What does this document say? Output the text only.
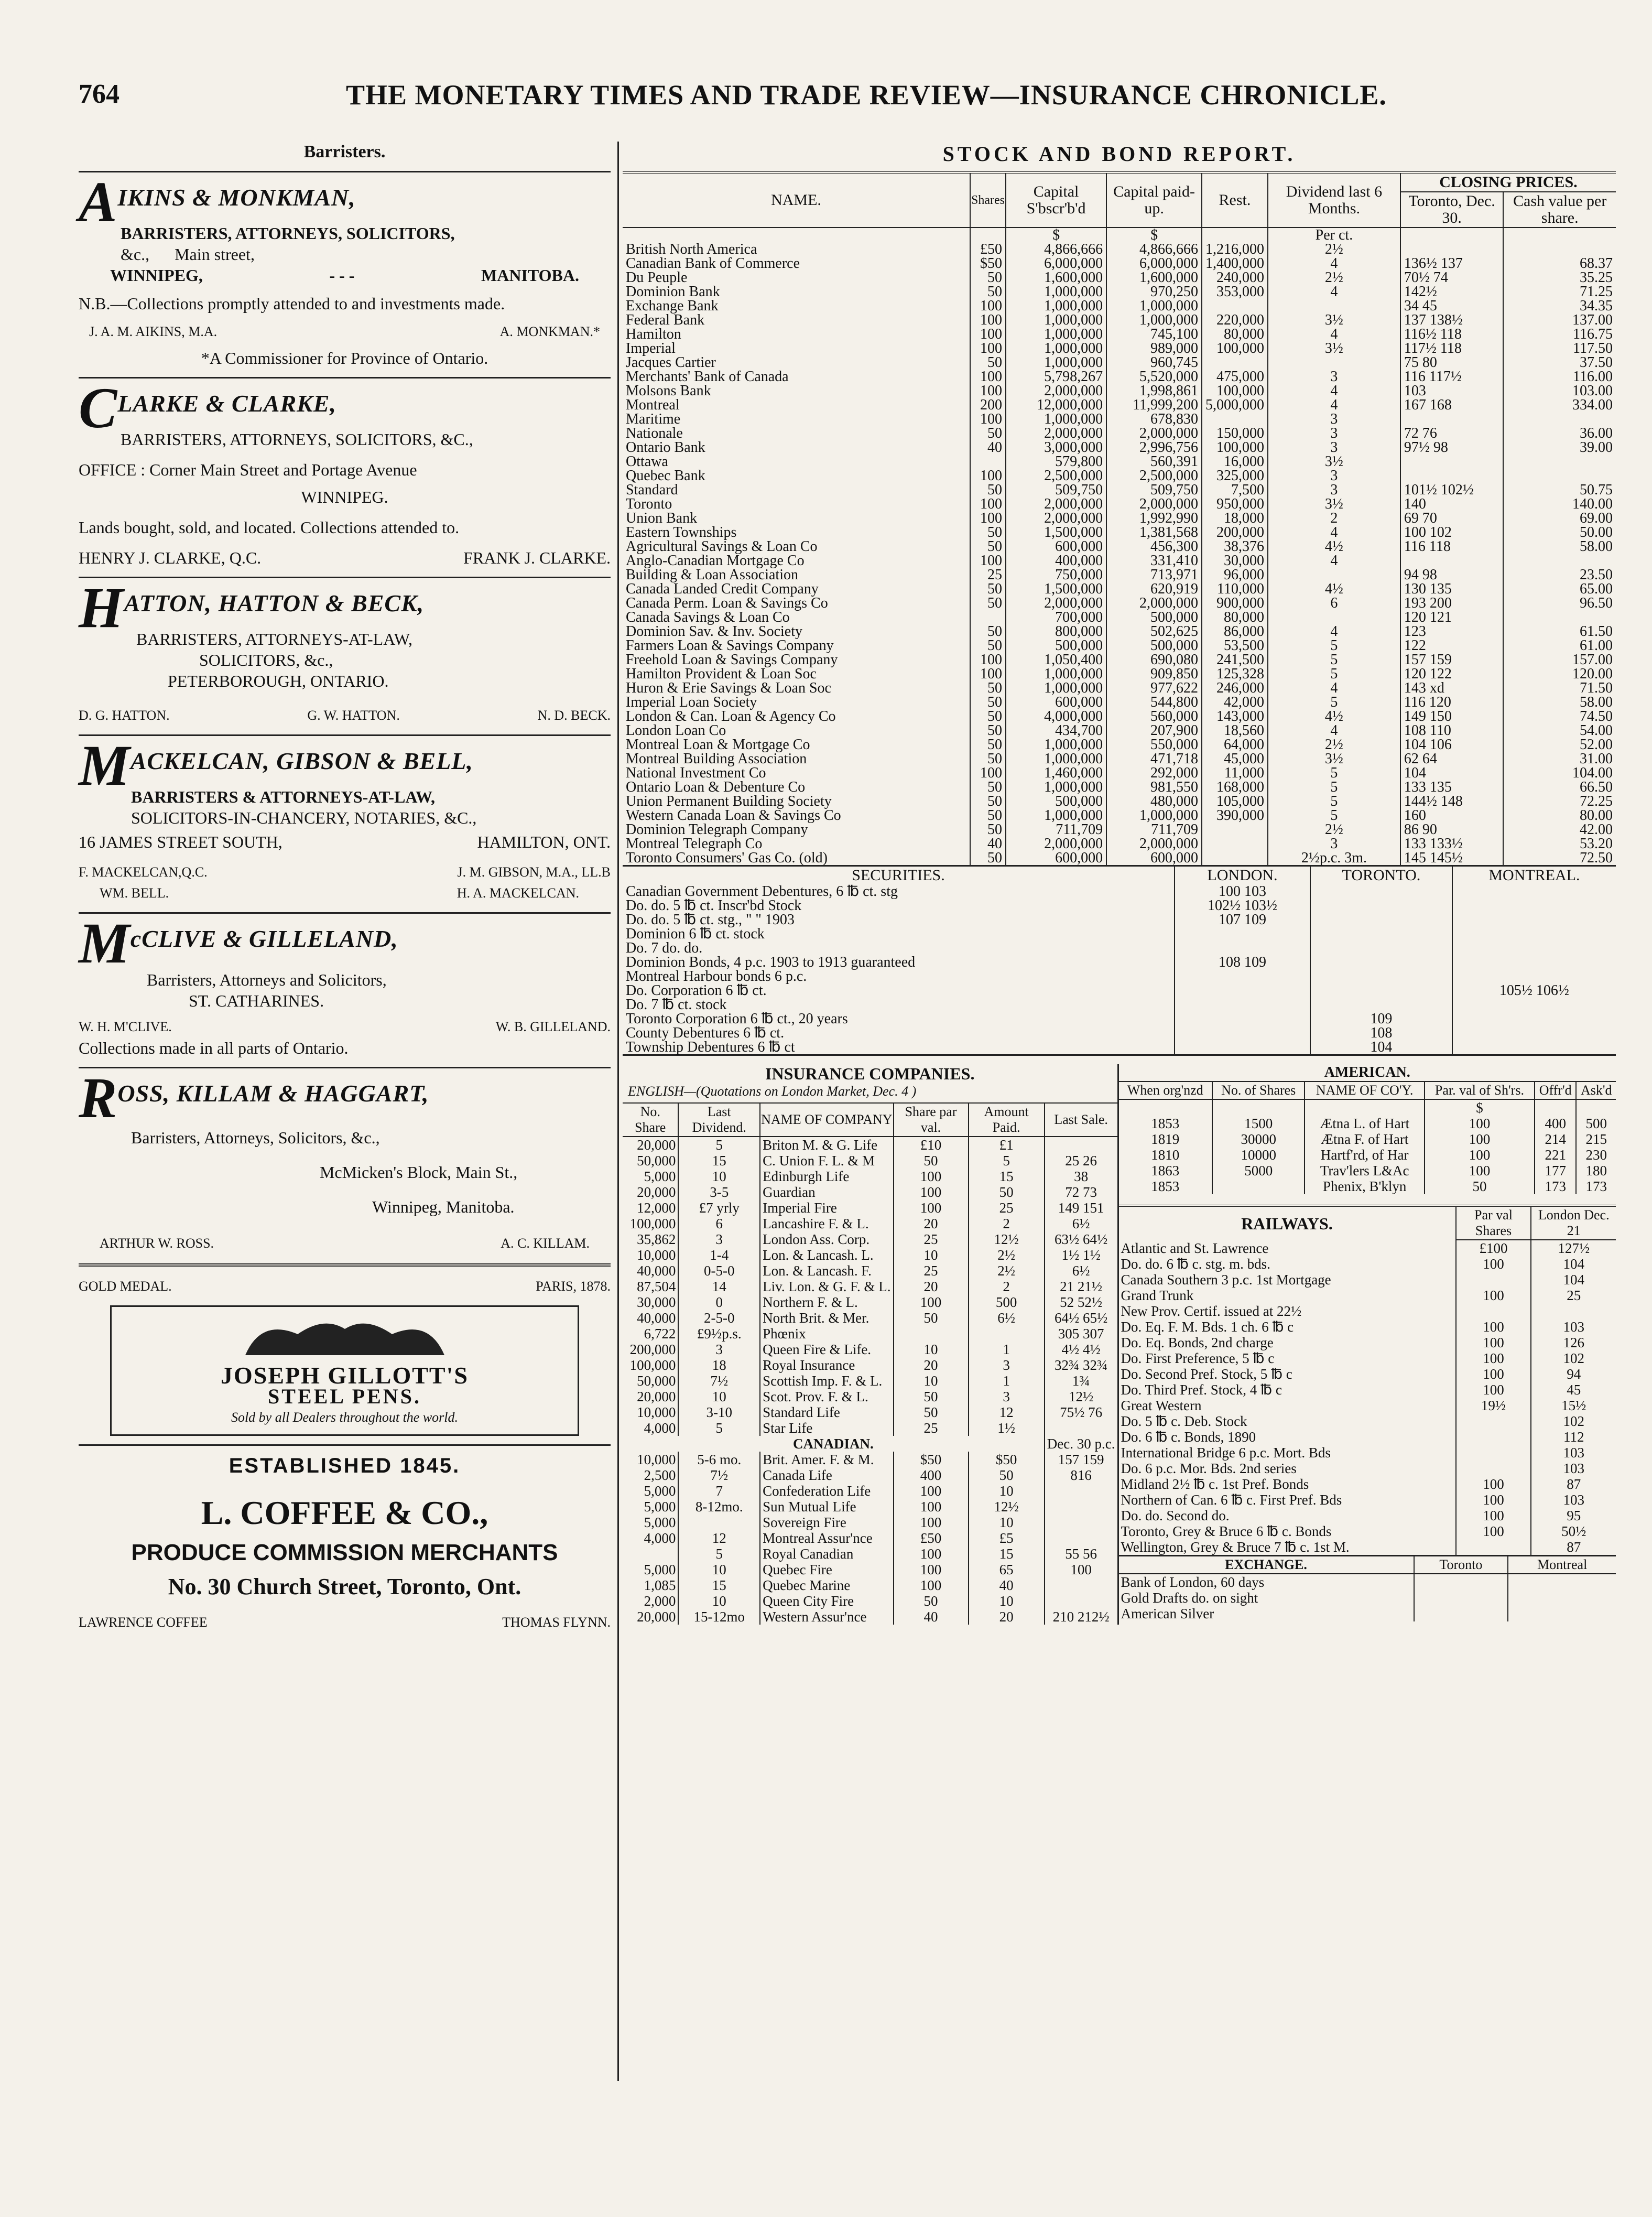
764	THE MONETARY TIMES AND TRADE REVIEW—INSURANCE CHRONICLE.
Barristers.
AIKINS & MONKMAN,
BARRISTERS, ATTORNEYS, SOLICITORS,
&c., Main street,
WINNIPEG,	- - -	MANITOBA.
N.B.—Collections promptly attended to and investments made.
J. A. M. AIKINS, M.A.	A. MONKMAN.*
*A Commissioner for Province of Ontario.
CLARKE & CLARKE,
BARRISTERS, ATTORNEYS, SOLICITORS, &C.,
OFFICE : Corner Main Street and Portage Avenue
WINNIPEG.
Lands bought, sold, and located. Collections attended to.
HENRY J. CLARKE, Q.C.	FRANK J. CLARKE.
HATTON, HATTON & BECK,
BARRISTERS, ATTORNEYS-AT-LAW,
SOLICITORS, &c.,
PETERBOROUGH, ONTARIO.
D. G. HATTON.	G. W. HATTON.	N. D. BECK.
MACKELCAN, GIBSON & BELL,
BARRISTERS & ATTORNEYS-AT-LAW,
SOLICITORS-IN-CHANCERY, NOTARIES, &C.,
16 JAMES STREET SOUTH,	HAMILTON, ONT.
F. MACKELCAN,Q.C.	J. M. GIBSON, M.A., LL.B
WM. BELL.	H. A. MACKELCAN.
McCLIVE & GILLELAND,
Barristers, Attorneys and Solicitors,
ST. CATHARINES.
W. H. M'CLIVE.	W. B. GILLELAND.
Collections made in all parts of Ontario.
ROSS, KILLAM & HAGGART,
Barristers, Attorneys, Solicitors, &c.,
McMicken's Block, Main St.,
Winnipeg, Manitoba.
ARTHUR W. ROSS.	A. C. KILLAM.
GOLD MEDAL.	PARIS, 1878.
JOSEPH GILLOTT'S
STEEL PENS.
Sold by all Dealers throughout the world.
ESTABLISHED 1845.
L. COFFEE & CO.,
PRODUCE COMMISSION MERCHANTS
No. 30 Church Street, Toronto, Ont.
LAWRENCE COFFEE	THOMAS FLYNN.
STOCK AND BOND REPORT.
NAME.	Shares	Capital S'bscr'b'd	Capital paid-up.	Rest.	Dividend last 6 Months.	CLOSING PRICES.	
						Toronto, Dec. 30.	Cash value per share.
		$	$		Per ct.		
British North America	£50	4,866,666	4,866,666	1,216,000	2½		
Canadian Bank of Commerce	$50	6,000,000	6,000,000	1,400,000	4	136½ 137	68.37
Du Peuple	50	1,600,000	1,600,000	240,000	2½	70½ 74	35.25
Dominion Bank	50	1,000,000	970,250	353,000	4	142½	71.25
Exchange Bank	100	1,000,000	1,000,000			34 45	34.35
Federal Bank	100	1,000,000	1,000,000	220,000	3½	137 138½	137.00
Hamilton	100	1,000,000	745,100	80,000	4	116½ 118	116.75
Imperial	100	1,000,000	989,000	100,000	3½	117½ 118	117.50
Jacques Cartier	50	1,000,000	960,745			75 80	37.50
Merchants' Bank of Canada	100	5,798,267	5,520,000	475,000	3	116 117½	116.00
Molsons Bank	100	2,000,000	1,998,861	100,000	4	103	103.00
Montreal	200	12,000,000	11,999,200	5,000,000	4	167 168	334.00
Maritime	100	1,000,000	678,830		3		
Nationale	50	2,000,000	2,000,000	150,000	3	72 76	36.00
Ontario Bank	40	3,000,000	2,996,756	100,000	3	97½ 98	39.00
Ottawa		579,800	560,391	16,000	3½		
Quebec Bank	100	2,500,000	2,500,000	325,000	3		
Standard	50	509,750	509,750	7,500	3	101½ 102½	50.75
Toronto	100	2,000,000	2,000,000	950,000	3½	140	140.00
Union Bank	100	2,000,000	1,992,990	18,000	2	69 70	69.00
Eastern Townships	50	1,500,000	1,381,568	200,000	4	100 102	50.00
Agricultural Savings & Loan Co	50	600,000	456,300	38,376	4½	116 118	58.00
Anglo-Canadian Mortgage Co	100	400,000	331,410	30,000	4		
Building & Loan Association	25	750,000	713,971	96,000		94 98	23.50
Canada Landed Credit Company	50	1,500,000	620,919	110,000	4½	130 135	65.00
Canada Perm. Loan & Savings Co	50	2,000,000	2,000,000	900,000	6	193 200	96.50
Canada Savings & Loan Co		700,000	500,000	80,000		120 121	
Dominion Sav. & Inv. Society	50	800,000	502,625	86,000	4	123	61.50
Farmers Loan & Savings Company	50	500,000	500,000	53,500	5	122	61.00
Freehold Loan & Savings Company	100	1,050,400	690,080	241,500	5	157 159	157.00
Hamilton Provident & Loan Soc	100	1,000,000	909,850	125,328	5	120 122	120.00
Huron & Erie Savings & Loan Soc	50	1,000,000	977,622	246,000	4	143 xd	71.50
Imperial Loan Society	50	600,000	544,800	42,000	5	116 120	58.00
London & Can. Loan & Agency Co	50	4,000,000	560,000	143,000	4½	149 150	74.50
London Loan Co	50	434,700	207,900	18,560	4	108 110	54.00
Montreal Loan & Mortgage Co	50	1,000,000	550,000	64,000	2½	104 106	52.00
Montreal Building Association	50	1,000,000	471,718	45,000	3½	62 64	31.00
National Investment Co	100	1,460,000	292,000	11,000	5	104	104.00
Ontario Loan & Debenture Co	50	1,000,000	981,550	168,000	5	133 135	66.50
Union Permanent Building Society	50	500,000	480,000	105,000	5	144½ 148	72.25
Western Canada Loan & Savings Co	50	1,000,000	1,000,000	390,000	5	160	80.00
Dominion Telegraph Company	50	711,709	711,709		2½	86 90	42.00
Montreal Telegraph Co	40	2,000,000	2,000,000		3	133 133½	53.20
Toronto Consumers' Gas Co. (old)	50	600,000	600,000		2½p.c. 3m.	145 145½	72.50
SECURITIES.	LONDON.	TORONTO.	MONTREAL.
Canadian Government Debentures, 6 ℔ ct. stg	100 103		
Do. do. 5 ℔ ct. Inscr'bd Stock	102½ 103½		
Do. do. 5 ℔ ct. stg., " " 1903	107 109		
Dominion 6 ℔ ct. stock			
Do. 7 do. do.			
Dominion Bonds, 4 p.c. 1903 to 1913 guaranteed	108 109		
Montreal Harbour bonds 6 p.c.			
Do. Corporation 6 ℔ ct.			105½ 106½
Do. 7 ℔ ct. stock			
Toronto Corporation 6 ℔ ct., 20 years		109	
County Debentures 6 ℔ ct.		108	
Township Debentures 6 ℔ ct		104	
INSURANCE COMPANIES.
ENGLISH—(Quotations on London Market, Dec. 4 )
No. Share	Last Dividend.	NAME OF COMPANY	Share par val.	Amount Paid.	Last Sale.
20,000	5	Briton M. & G. Life	£10	£1	
50,000	15	C. Union F. L. & M	50	5	25 26
5,000	10	Edinburgh Life	100	15	38
20,000	3-5	Guardian	100	50	72 73
12,000	£7 yrly	Imperial Fire	100	25	149 151
100,000	6	Lancashire F. & L.	20	2	6½
35,862	3	London Ass. Corp.	25	12½	63½ 64½
10,000	1-4	Lon. & Lancash. L.	10	2½	1½ 1½
40,000	0-5-0	Lon. & Lancash. F.	25	2½	6½
87,504	14	Liv. Lon. & G. F. & L.	20	2	21 21½
30,000	0	Northern F. & L.	100	500	52 52½
40,000	2-5-0	North Brit. & Mer.	50	6½	64½ 65½
6,722	£9½p.s.	Phœnix			305 307
200,000	3	Queen Fire & Life.	10	1	4½ 4½
100,000	18	Royal Insurance	20	3	32¾ 32¾
50,000	7½	Scottish Imp. F. & L.	10	1	1¾
20,000	10	Scot. Prov. F. & L.	50	3	12½
10,000	3-10	Standard Life	50	12	75½ 76
4,000	5	Star Life	25	1½	
CANADIAN.					Dec. 30 p.c.
10,000	5-6 mo.	Brit. Amer. F. & M.	$50	$50	157 159
2,500	7½	Canada Life	400	50	816
5,000	7	Confederation Life	100	10	
5,000	8-12mo.	Sun Mutual Life	100	12½	
5,000		Sovereign Fire	100	10	
4,000	12	Montreal Assur'nce	£50	£5	
	5	Royal Canadian	100	15	55 56
5,000	10	Quebec Fire	100	65	100
1,085	15	Quebec Marine	100	40	
2,000	10	Queen City Fire	50	10	
20,000	15-12mo	Western Assur'nce	40	20	210 212½
AMERICAN.
When org'nzd	No. of Shares	NAME OF CO'Y.	Par. val of Sh'rs.	Offr'd	Ask'd
			$		
1853	1500	Ætna L. of Hart	100	400	500
1819	30000	Ætna F. of Hart	100	214	215
1810	10000	Hartf'rd, of Har	100	221	230
1863	5000	Trav'lers L&Ac	100	177	180
1853		Phenix, B'klyn	50	173	173
RAILWAYS.	Par val Shares	London Dec. 21
Atlantic and St. Lawrence	£100	127½
Do. do. 6 ℔ c. stg. m. bds.	100	104
Canada Southern 3 p.c. 1st Mortgage		104
Grand Trunk	100	25
New Prov. Certif. issued at 22½		
Do. Eq. F. M. Bds. 1 ch. 6 ℔ c	100	103
Do. Eq. Bonds, 2nd charge	100	126
Do. First Preference, 5 ℔ c	100	102
Do. Second Pref. Stock, 5 ℔ c	100	94
Do. Third Pref. Stock, 4 ℔ c	100	45
Great Western	19½	15½
Do. 5 ℔ c. Deb. Stock		102
Do. 6 ℔ c. Bonds, 1890		112
International Bridge 6 p.c. Mort. Bds		103
Do. 6 p.c. Mor. Bds. 2nd series		103
Midland 2½ ℔ c. 1st Pref. Bonds	100	87
Northern of Can. 6 ℔ c. First Pref. Bds	100	103
Do. do. Second do.	100	95
Toronto, Grey & Bruce 6 ℔ c. Bonds	100	50½
Wellington, Grey & Bruce 7 ℔ c. 1st M.		87
EXCHANGE.	Toronto	Montreal
Bank of London, 60 days		
Gold Drafts do. on sight		
American Silver		
